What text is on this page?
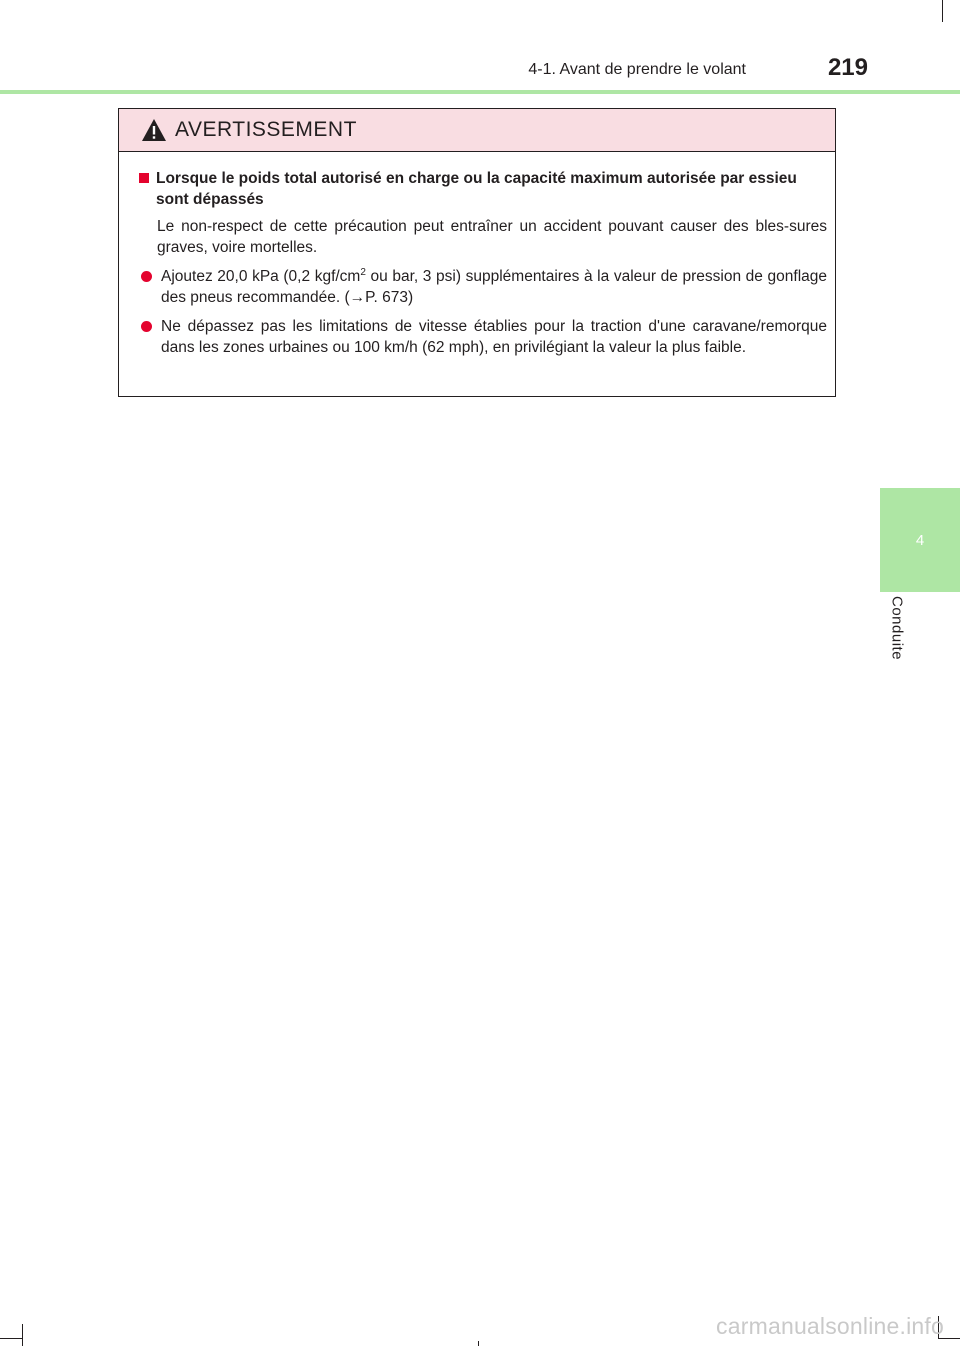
4-1. Avant de prendre le volant	219
4
Conduite
AVERTISSEMENT
Lorsque le poids total autorisé en charge ou la capacité maximum autorisée par essieu sont dépassés
Le non-respect de cette précaution peut entraîner un accident pouvant causer des bles-sures graves, voire mortelles.
Ajoutez 20,0 kPa (0,2 kgf/$cm^2$ ou bar, 3 psi) supplémentaires à la valeur de pression de gonflage des pneus recommandée. (→P. 673)
Ne dépassez pas les limitations de vitesse établies pour la traction d'une caravane/remorque dans les zones urbaines ou 100 km/h (62 mph), en privilégiant la valeur la plus faible.
carmanualsonline.info
